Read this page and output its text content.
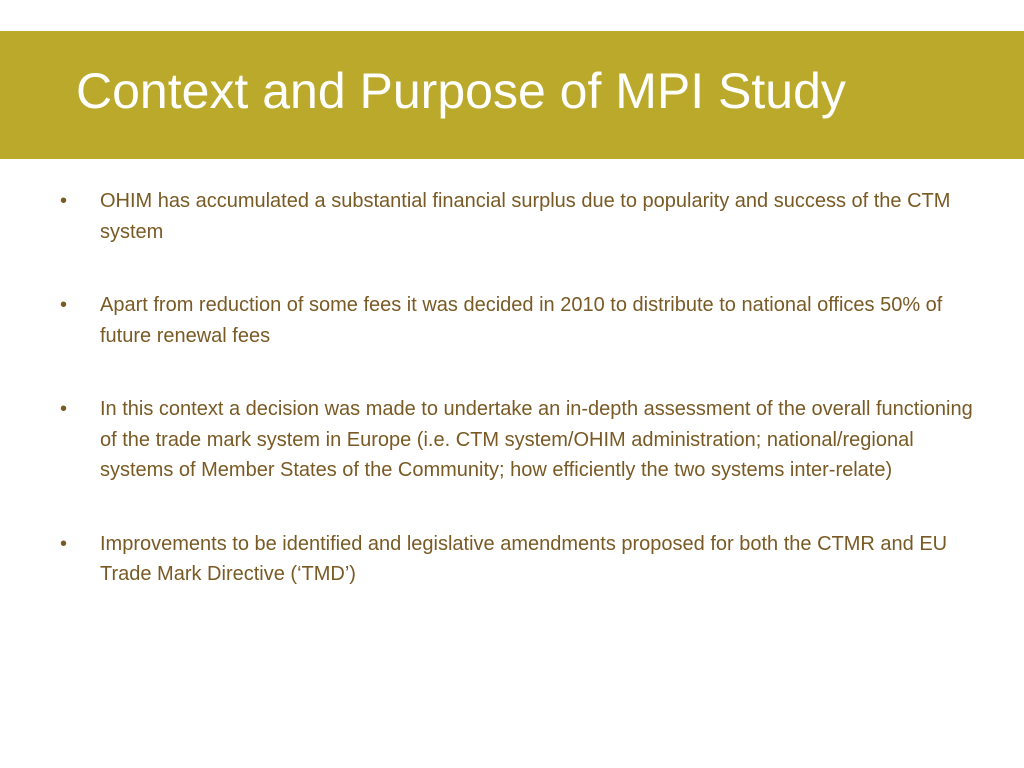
Context and Purpose of MPI Study
•	OHIM has accumulated a substantial financial surplus due to popularity and success of the CTM system
•	Apart from reduction of some fees it was decided in 2010 to distribute to national offices 50% of future renewal fees
•	In this context a decision was made to undertake an in-depth assessment of the overall functioning of the trade mark system in Europe (i.e. CTM system/OHIM administration; national/regional systems of Member States of the Community; how efficiently the two systems inter-relate)
•	Improvements to be identified and legislative amendments proposed for both the CTMR and EU Trade Mark Directive (‘TMD’)
